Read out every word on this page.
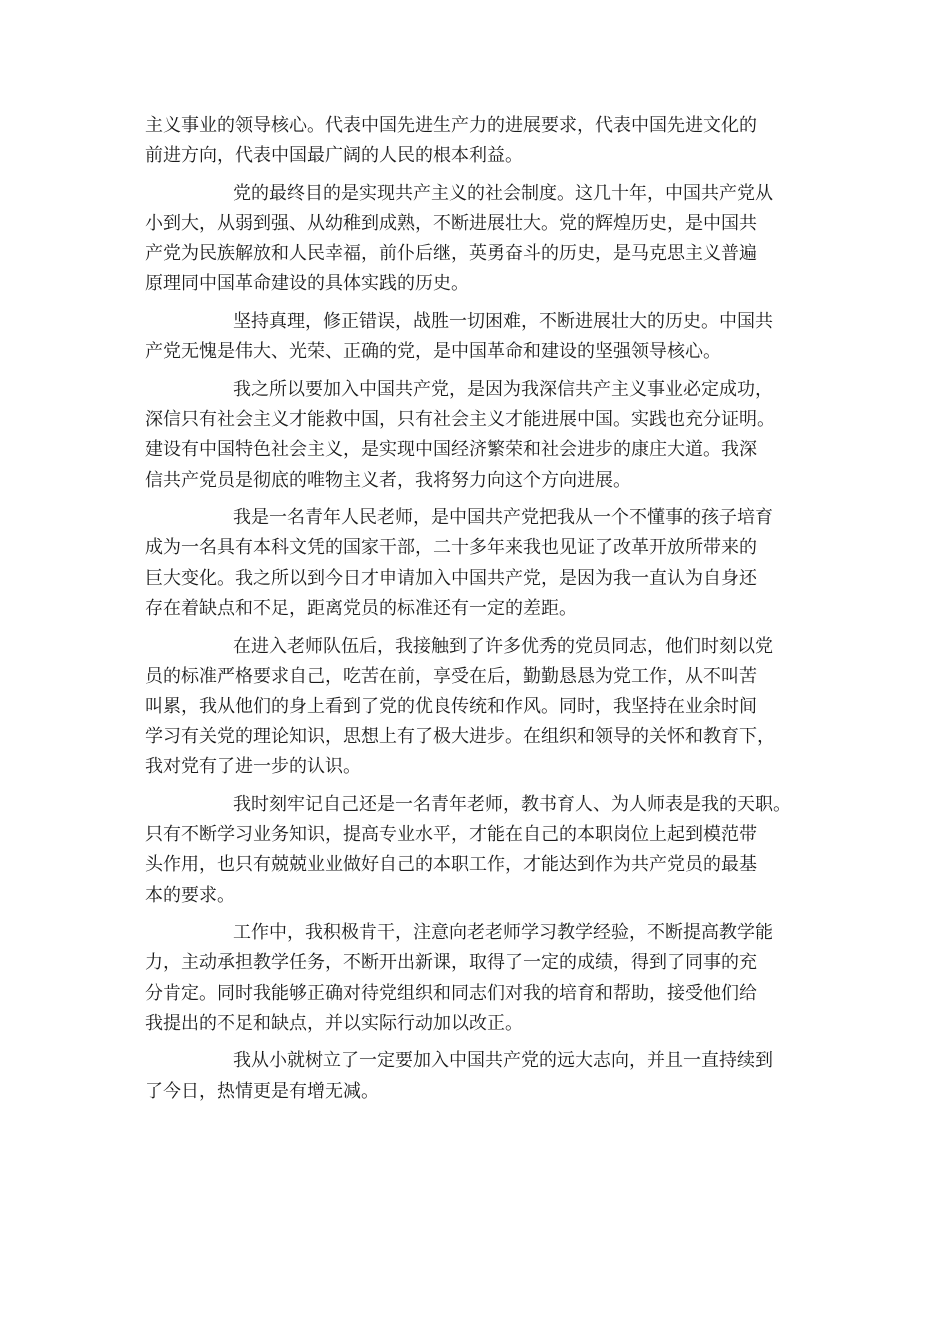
主义事业的领导核心。代表中国先进生产力的进展要求，代表中国先进文化的
前进方向，代表中国最广阔的人民的根本利益。
党的最终目的是实现共产主义的社会制度。这几十年，中国共产党从
小到大，从弱到强、从幼稚到成熟，不断进展壮大。党的辉煌历史，是中国共
产党为民族解放和人民幸福，前仆后继，英勇奋斗的历史，是马克思主义普遍
原理同中国革命建设的具体实践的历史。
坚持真理，修正错误，战胜一切困难，不断进展壮大的历史。中国共
产党无愧是伟大、光荣、正确的党，是中国革命和建设的坚强领导核心。
我之所以要加入中国共产党，是因为我深信共产主义事业必定成功，
深信只有社会主义才能救中国，只有社会主义才能进展中国。实践也充分证明。
建设有中国特色社会主义，是实现中国经济繁荣和社会进步的康庄大道。我深
信共产党员是彻底的唯物主义者，我将努力向这个方向进展。
我是一名青年人民老师，是中国共产党把我从一个不懂事的孩子培育
成为一名具有本科文凭的国家干部，二十多年来我也见证了改革开放所带来的
巨大变化。我之所以到今日才申请加入中国共产党，是因为我一直认为自身还
存在着缺点和不足，距离党员的标准还有一定的差距。
在进入老师队伍后，我接触到了许多优秀的党员同志，他们时刻以党
员的标准严格要求自己，吃苦在前，享受在后，勤勤恳恳为党工作，从不叫苦
叫累，我从他们的身上看到了党的优良传统和作风。同时，我坚持在业余时间
学习有关党的理论知识，思想上有了极大进步。在组织和领导的关怀和教育下，
我对党有了进一步的认识。
我时刻牢记自己还是一名青年老师，教书育人、为人师表是我的天职。
只有不断学习业务知识，提高专业水平，才能在自己的本职岗位上起到模范带
头作用，也只有兢兢业业做好自己的本职工作，才能达到作为共产党员的最基
本的要求。
工作中，我积极肯干，注意向老老师学习教学经验，不断提高教学能
力，主动承担教学任务，不断开出新课，取得了一定的成绩，得到了同事的充
分肯定。同时我能够正确对待党组织和同志们对我的培育和帮助，接受他们给
我提出的不足和缺点，并以实际行动加以改正。
我从小就树立了一定要加入中国共产党的远大志向，并且一直持续到
了今日，热情更是有增无减。
